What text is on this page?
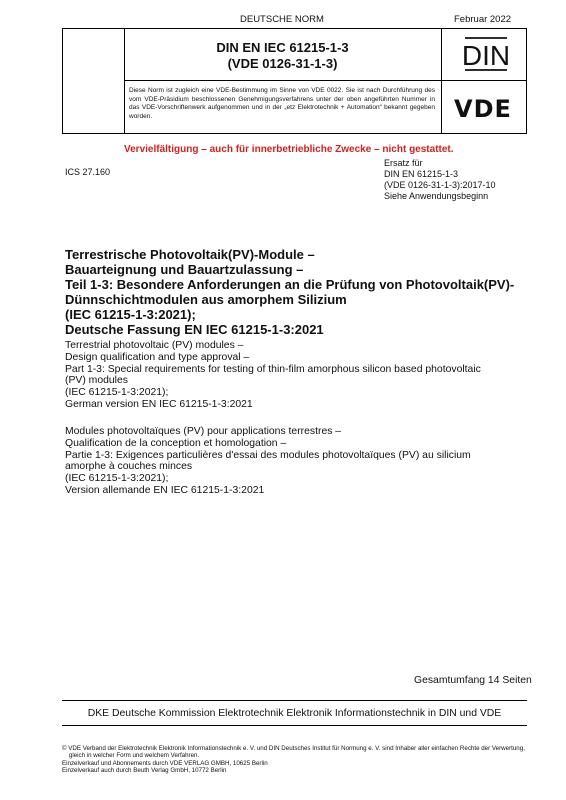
DEUTSCHE NORM	Februar 2022
DIN EN IEC 61215-1-3
(VDE 0126-31-1-3)	DIN
Diese Norm ist zugleich eine VDE-Bestimmung im Sinne von VDE 0022. Sie ist nach Durchführung des vom VDE-Präsidium beschlossenen Genehmigungsverfahrens unter der oben angeführten Nummer in das VDE-Vorschriftenwerk aufgenommen und in der „etz Elektrotechnik + Automation“ bekannt gegeben worden.	VDE
Vervielfältigung – auch für innerbetriebliche Zwecke – nicht gestattet.
ICS 27.160
Ersatz für
DIN EN 61215-1-3
(VDE 0126-31-1-3):2017-10
Siehe Anwendungsbeginn
Terrestrische Photovoltaik(PV)-Module –
Bauarteignung und Bauartzulassung –
Teil 1-3: Besondere Anforderungen an die Prüfung von Photovoltaik(PV)-
Dünnschichtmodulen aus amorphem Silizium
(IEC 61215-1-3:2021);
Deutsche Fassung EN IEC 61215-1-3:2021
Terrestrial photovoltaic (PV) modules –
Design qualification and type approval –
Part 1-3: Special requirements for testing of thin-film amorphous silicon based photovoltaic
(PV) modules
(IEC 61215-1-3:2021);
German version EN IEC 61215-1-3:2021
Modules photovoltaïques (PV) pour applications terrestres –
Qualification de la conception et homologation –
Partie 1-3: Exigences particulières d'essai des modules photovoltaïques (PV) au silicium
amorphe à couches minces
(IEC 61215-1-3:2021);
Version allemande EN IEC 61215-1-3:2021
Gesamtumfang 14 Seiten
DKE Deutsche Kommission Elektrotechnik Elektronik Informationstechnik in DIN und VDE
© VDE Verband der Elektrotechnik Elektronik Informationstechnik e. V. und DIN Deutsches Institut für Normung e. V. sind Inhaber aller einfachen Rechte der Verwertung,
gleich in welcher Form und welchem Verfahren.
Einzelverkauf und Abonnements durch VDE VERLAG GMBH, 10625 Berlin
Einzelverkauf auch durch Beuth Verlag GmbH, 10772 Berlin
